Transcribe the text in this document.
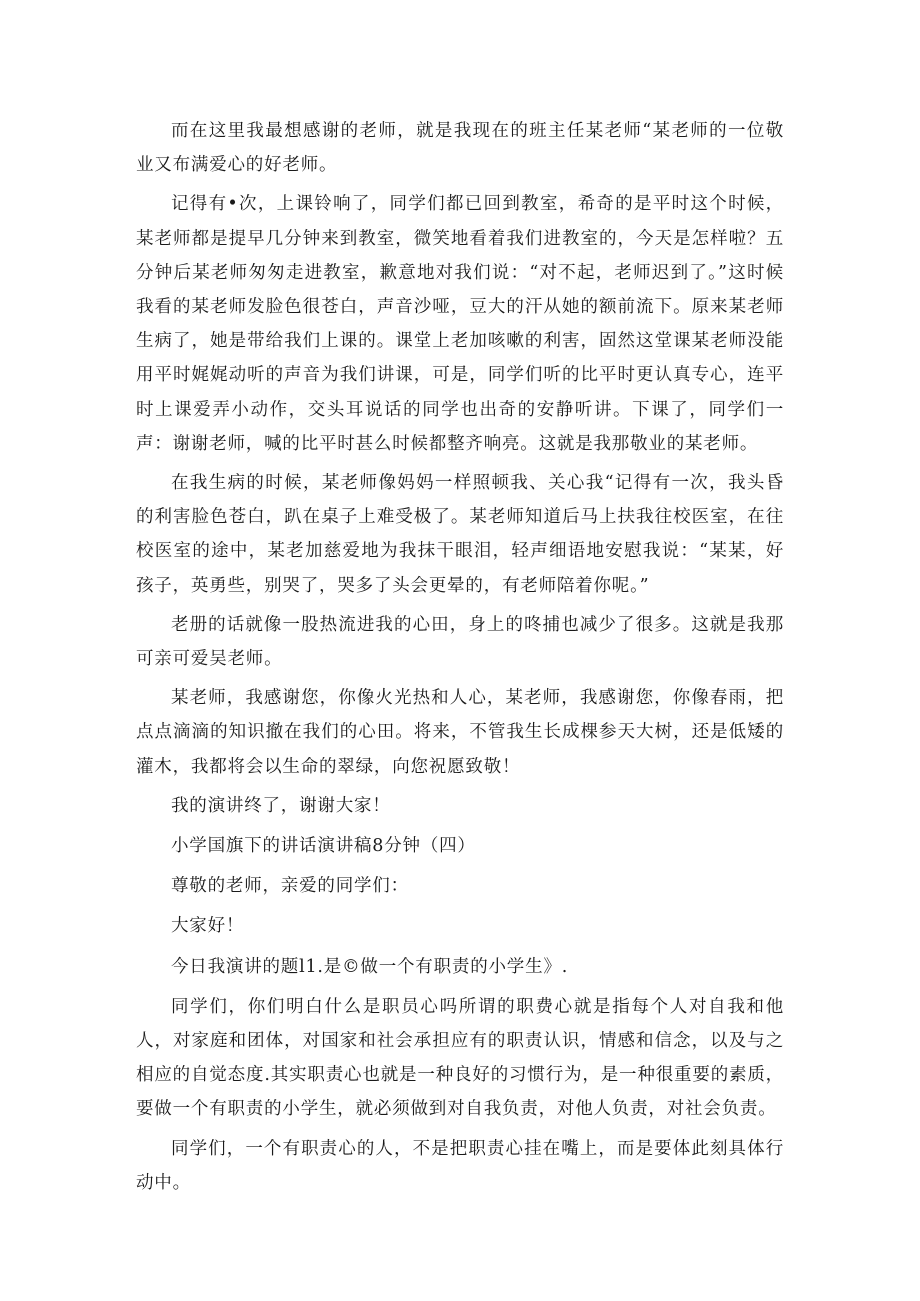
而在这里我最想感谢的老师，就是我现在的班主任某老师“某老师的一位敬业又布满爱心的好老师。

记得有•次，上课铃响了，同学们都已回到教室，希奇的是平时这个时候，某老师都是提早几分钟来到教室，微笑地看着我们进教室的，今天是怎样啦？五分钟后某老师匆匆走进教室，歉意地对我们说：“对不起，老师迟到了。”这时候我看的某老师发脸色很苍白，声音沙哑，豆大的汗从她的额前流下。原来某老师生病了，她是带给我们上课的。课堂上老加咳嗽的利害，固然这堂课某老师没能用平时娓娓动听的声音为我们讲课，可是，同学们听的比平时更认真专心，连平时上课爱弄小动作，交头耳说话的同学也出奇的安静听讲。下课了，同学们一声：谢谢老师，喊的比平时甚么时候都整齐响亮。这就是我那敬业的某老师。

在我生病的时候，某老师像妈妈一样照顿我、关心我“记得有一次，我头昏的利害脸色苍白，趴在桌子上难受极了。某老师知道后马上扶我往校医室，在往校医室的途中，某老加慈爱地为我抹干眼泪，轻声细语地安慰我说：“某某，好孩子，英勇些，别哭了，哭多了头会更晕的，有老师陪着你呢。”

老册的话就像一股热流进我的心田，身上的咚捕也减少了很多。这就是我那可亲可爱吴老师。

某老师，我感谢您，你像火光热和人心，某老师，我感谢您，你像春雨，把点点滴滴的知识撤在我们的心田。将来，不管我生长成棵参天大树，还是低矮的灌木，我都将会以生命的翠绿，向您祝愿致敬！

我的演讲终了，谢谢大家！

小学国旗下的讲话演讲稿8分钟（四）

尊敬的老师，亲爱的同学们：

大家好！

今日我演讲的题l1.是©做一个有职责的小学生》.

同学们，你们明白什么是职员心吗所谓的职费心就是指每个人对自我和他人，对家庭和团体，对国家和社会承担应有的职责认识，情感和信念，以及与之相应的自觉态度.其实职责心也就是一种良好的习惯行为，是一种很重要的素质，要做一个有职责的小学生，就必须做到对自我负责，对他人负责，对社会负责。

同学们，一个有职责心的人，不是把职责心挂在嘴上，而是要体此刻具体行动中。
